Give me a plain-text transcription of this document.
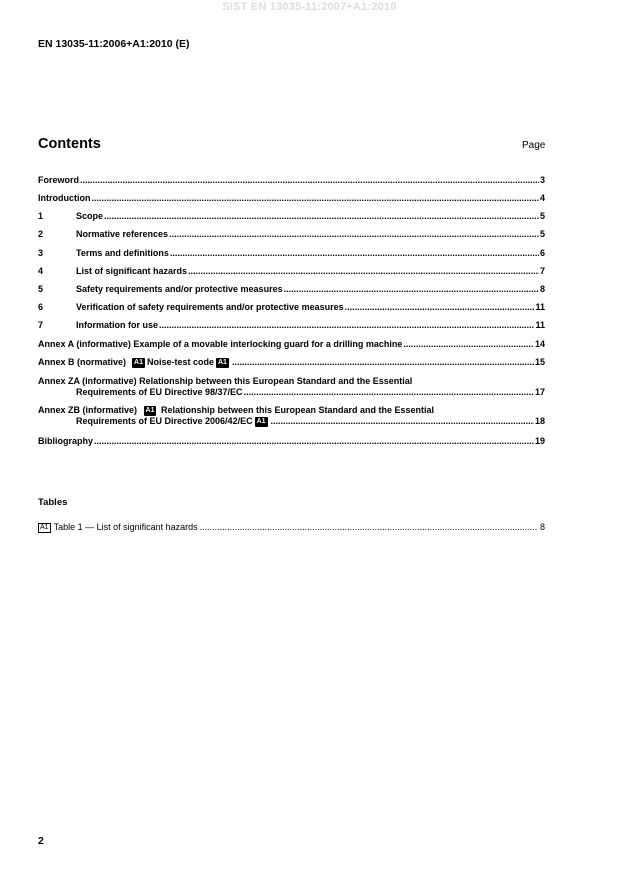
SIST EN 13035-11:2007+A1:2010
EN 13035-11:2006+A1:2010 (E)
Contents	Page
Foreword .....	3
Introduction .....	4
1	Scope .....	5
2	Normative references .....	5
3	Terms and definitions .....	6
4	List of significant hazards .....	7
5	Safety requirements and/or protective measures .....	8
6	Verification of safety requirements and/or protective measures .....	11
7	Information for use .....	11
Annex A (informative) Example of a movable interlocking guard for a drilling machine .....	14
Annex B (normative) A1 Noise-test code A1 .....	15
Annex ZA (informative) Relationship between this European Standard and the Essential
Requirements of EU Directive 98/37/EC .....	17
Annex ZB (informative) A1 Relationship between this European Standard and the Essential
Requirements of EU Directive 2006/42/EC A1 .....	18
Bibliography .....	19
Tables
A1 Table 1 — List of significant hazards .....	8
2
